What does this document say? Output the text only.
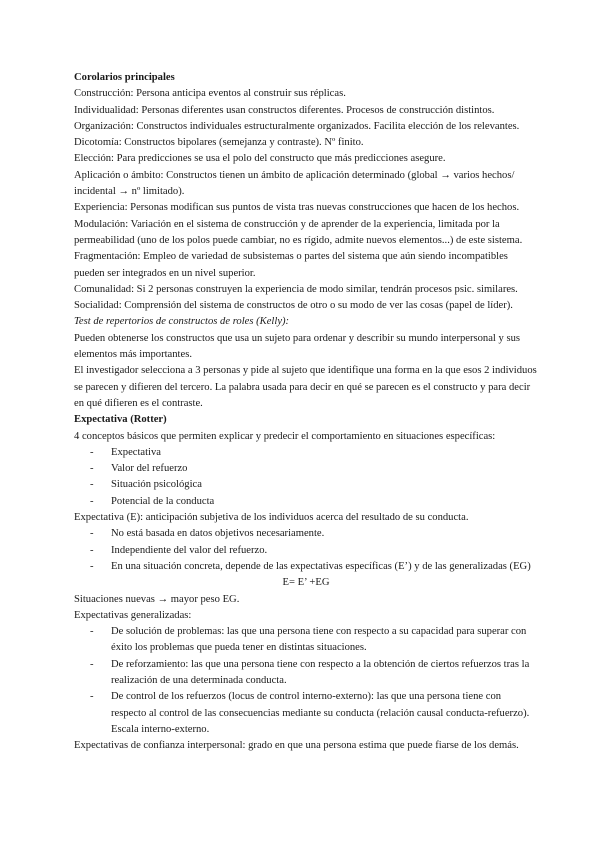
Corolarios principales

Construcción: Persona anticipa eventos al construir sus réplicas.

Individualidad: Personas diferentes usan constructos diferentes. Procesos de construcción distintos.

Organización: Constructos individuales estructuralmente organizados. Facilita elección de los relevantes.

Dicotomía: Constructos bipolares (semejanza y contraste). Nº finito.

Elección: Para predicciones se usa el polo del constructo que más predicciones asegure.

Aplicación o ámbito: Constructos tienen un ámbito de aplicación determinado (global → varios hechos/ incidental → nº limitado).

Experiencia: Personas modifican sus puntos de vista tras nuevas construcciones que hacen de los hechos.

Modulación: Variación en el sistema de construcción y de aprender de la experiencia, limitada por la permeabilidad (uno de los polos puede cambiar, no es rígido, admite nuevos elementos...) de este sistema.

Fragmentación: Empleo de variedad de subsistemas o partes del sistema que aún siendo incompatibles pueden ser integrados en un nivel superior.

Comunalidad: Si 2 personas construyen la experiencia de modo similar, tendrán procesos psic. similares.

Socialidad: Comprensión del sistema de constructos de otro o su modo de ver las cosas (papel de líder).

Test de repertorios de constructos de roles (Kelly):

Pueden obtenerse los constructos que usa un sujeto para ordenar y describir su mundo interpersonal y sus elementos más importantes.

El investigador selecciona a 3 personas y pide al sujeto que identifique una forma en la que esos 2 individuos se parecen y difieren del tercero. La palabra usada para decir en qué se parecen es el constructo y para decir en qué difieren es el contraste.

Expectativa (Rotter)

4 conceptos básicos que permiten explicar y predecir el comportamiento en situaciones específicas:

- Expectativa
- Valor del refuerzo
- Situación psicológica
- Potencial de la conducta

Expectativa (E): anticipación subjetiva de los individuos acerca del resultado de su conducta.

- No está basada en datos objetivos necesariamente.
- Independiente del valor del refuerzo.
- En una situación concreta, depende de las expectativas específicas (E’) y de las generalizadas (EG)

E= E’ +EG

Situaciones nuevas → mayor peso EG.

Expectativas generalizadas:

- De solución de problemas: las que una persona tiene con respecto a su capacidad para superar con éxito los problemas que pueda tener en distintas situaciones.
- De reforzamiento: las que una persona tiene con respecto a la obtención de ciertos refuerzos tras la realización de una determinada conducta.
- De control de los refuerzos (locus de control interno-externo): las que una persona tiene con respecto al control de las consecuencias mediante su conducta (relación causal conducta-refuerzo). Escala interno-externo.

Expectativas de confianza interpersonal: grado en que una persona estima que puede fiarse de los demás.
